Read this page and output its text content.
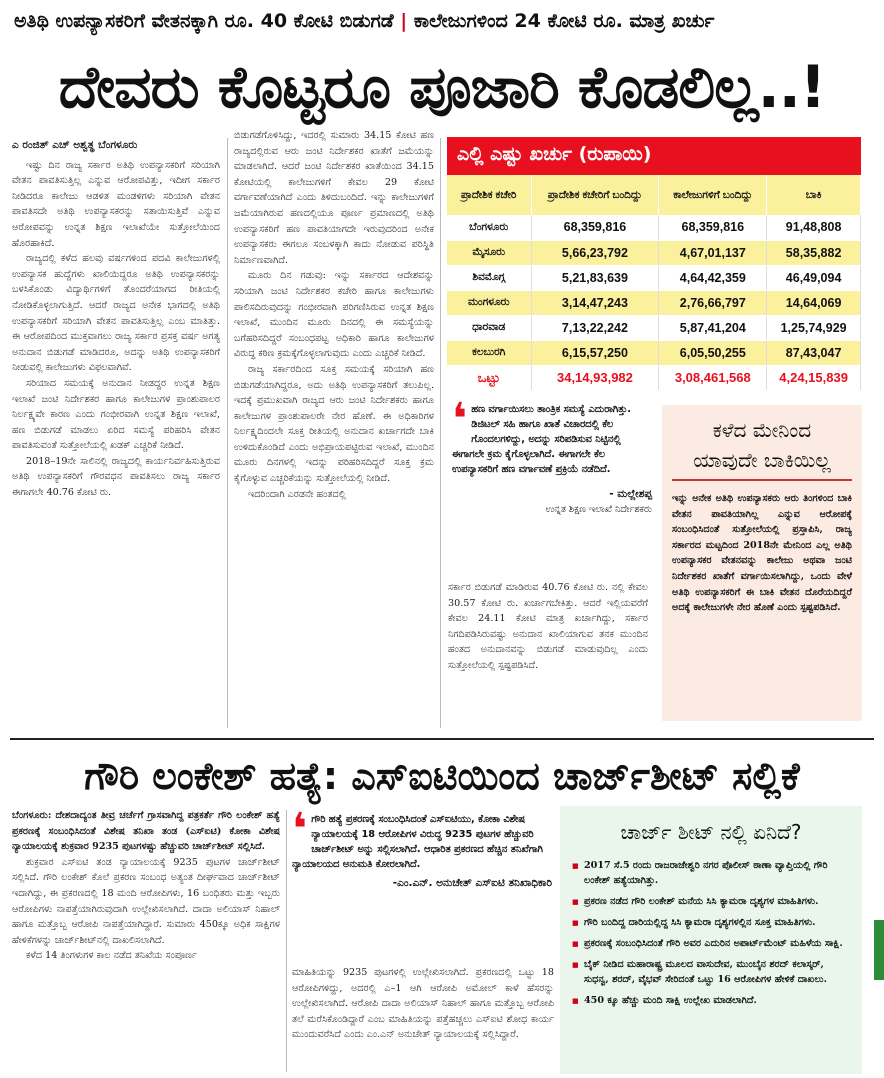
ಅತಿಥಿ ಉಪನ್ಯಾಸಕರಿಗೆ ವೇತನಕ್ಕಾಗಿ ರೂ. 40 ಕೋಟಿ ಬಿಡುಗಡೆ | ಕಾಲೇಜುಗಳಿಂದ 24 ಕೋಟಿ ರೂ. ಮಾತ್ರ ಖರ್ಚು
ದೇವರು ಕೊಟ್ಟರೂ ಪೂಜಾರಿ ಕೊಡಲಿಲ್ಲ..!
ಎ ರಂಜಿತ್ ಎಚ್ ಅಶ್ವತ್ಥ ಬೆಂಗಳೂರು

ಇಷ್ಟು ದಿನ ರಾಜ್ಯ ಸರ್ಕಾರ ಅತಿಥಿ ಉಪನ್ಯಾಸಕರಿಗೆ ಸರಿಯಾಗಿ ವೇತನ ಪಾವತಿಸುತ್ತಿಲ್ಲ ಎನ್ನುವ ಆರೋಪವಿತ್ತು, ಇದೀಗ ಸರ್ಕಾರ ನೀಡಿದರೂ ಕಾಲೇಜು ಆಡಳಿತ ಮಂಡಳಿಗಳು ಸರಿಯಾಗಿ ವೇತನ ಪಾವತಿಸದೇ ಅತಿಥಿ ಉಪನ್ಯಾಸಕರನ್ನು ಸತಾಯಿಸುತ್ತಿವೆ ಎನ್ನುವ ಆರೋಪವನ್ನು ಉನ್ನತ ಶಿಕ್ಷಣ ಇಲಾಖೆಯೇ ಸುತ್ತೋಲೆಯಿಂದ ಹೊರಹಾಕಿದೆ.

ರಾಜ್ಯದಲ್ಲಿ ಕಳೆದ ಹಲವು ವರ್ಷಗಳಿಂದ ಪದವಿ ಕಾಲೇಜುಗಳಲ್ಲಿ ಉಪನ್ಯಾಸಕ ಹುದ್ದೆಗಳು ಖಾಲಿಯಿದ್ದರೂ ಅತಿಥಿ ಉಪನ್ಯಾಸಕರನ್ನು ಬಳಸಿಕೊಂಡು ವಿದ್ಯಾರ್ಥಿಗಳಿಗೆ ತೊಂದರೆಯಾಗದ ರೀತಿಯಲ್ಲಿ ನೋಡಿಕೊಳ್ಳಲಾಗುತ್ತಿದೆ. ಆದರೆ ರಾಜ್ಯದ ಅನೇಕ ಭಾಗದಲ್ಲಿ ಅತಿಥಿ ಉಪನ್ಯಾಸಕರಿಗೆ ಸರಿಯಾಗಿ ವೇತನ ಪಾವತಿಸುತ್ತಿಲ್ಲ ಎಂಬ ಮಾತಿತ್ತು. ಈ ಆರೋಪದಿಂದ ಮುಕ್ತವಾಗಲು ರಾಜ್ಯ ಸರ್ಕಾರ ಪ್ರಸಕ್ತ ವರ್ಷ ಅಗತ್ಯ ಅನುದಾನ ಬಿಡುಗಡೆ ಮಾಡಿದರೂ, ಅದನ್ನು ಅತಿಥಿ ಉಪನ್ಯಾಸಕರಿಗೆ ನೀಡುವಲ್ಲಿ ಕಾಲೇಜುಗಳು ವಿಫಲವಾಗಿವೆ.

ಸರಿಯಾದ ಸಮಯಕ್ಕೆ ಅನುದಾನ ನೀಡದ್ದರ ಉನ್ನತ ಶಿಕ್ಷಣ ಇಲಾಖೆ ಜಂಟಿ ನಿರ್ದೇಶಕರ ಹಾಗೂ ಕಾಲೇಜುಗಳ ಪ್ರಾಂಶುಪಾಲರ ನಿರ್ಲಕ್ಷ್ಯವೇ ಕಾರಣ ಎಂದು ಗಂಭೀರವಾಗಿ ಉನ್ನತ ಶಿಕ್ಷಣ ಇಲಾಖೆ, ಹಣ ಬಿಡುಗಡೆ ಮಾಡಲು ಏರಿದ ಸಮಸ್ಯೆ ಪರಿಹರಿಸಿ ವೇತನ ಪಾವತಿಸುವಂತೆ ಸುತ್ತೋಲೆಯಲ್ಲಿ ಖಡಕ್ ಎಚ್ಚರಿಕೆ ನೀಡಿದೆ.

2018–19ನೇ ಸಾಲಿನಲ್ಲಿ ರಾಜ್ಯದಲ್ಲಿ ಕಾರ್ಯನಿರ್ವಹಿಸುತ್ತಿರುವ ಅತಿಥಿ ಉಪನ್ಯಾಸಕರಿಗೆ ಗೌರವಧನ ಪಾವತಿಸಲು ರಾಜ್ಯ ಸರ್ಕಾರ ಈಗಾಗಲೇ 40.76 ಕೋಟಿ ರು.

ಬಿಡುಗಡೆಗೊಳಿಸಿದ್ದು, ಇದರಲ್ಲಿ ಸುಮಾರು 34.15 ಕೋಟಿ ಹಣ ರಾಜ್ಯದಲ್ಲಿರುವ ಆರು ಜಂಟಿ ನಿರ್ದೇಶಕರ ಖಾತೆಗೆ ಜಮೆಯನ್ನು ಮಾಡಲಾಗಿದೆ. ಆದರೆ ಜಂಟಿ ನಿರ್ದೇಶಕರ ಖಾತೆಯಿಂದ 34.15 ಕೋಟಿಯಲ್ಲಿ ಕಾಲೇಜುಗಳಿಗೆ ಕೇವಲ 29 ಕೋಟಿ ವರ್ಗಾವಣೆಯಾಗಿದೆ ಎಂದು ತಿಳಿದುಬಂದಿದೆ. ಇನ್ನು ಕಾಲೇಜುಗಳಿಗೆ ಜಮೆಯಾಗಿರುವ ಹಣದಲ್ಲಿಯೂ ಪೂರ್ಣ ಪ್ರಮಾಣದಲ್ಲಿ ಅತಿಥಿ ಉಪನ್ಯಾಸಕರಿಗೆ ಹಣ ಪಾವತಿಯಾಗದೇ ಇರುವುದರಿಂದ ಅನೇಕ ಉಪನ್ಯಾಸಕರು ಈಗಲೂ ಸಂಬಳಕ್ಕಾಗಿ ಕಾದು ನೋಡುವ ಪರಿಸ್ಥಿತಿ ನಿರ್ಮಾಣವಾಗಿದೆ.

ಮೂರು ದಿನ ಗಡುವು: ಇನ್ನು ಸರ್ಕಾರದ ಆದೇಶವನ್ನು ಸರಿಯಾಗಿ ಜಂಟಿ ನಿರ್ದೇಶಕರ ಕಚೇರಿ ಹಾಗೂ ಕಾಲೇಜುಗಳು ಪಾಲಿಸದಿರುವುದನ್ನು ಗಂಭೀರವಾಗಿ ಪರಿಗಣಿಸಿರುವ ಉನ್ನತ ಶಿಕ್ಷಣ ಇಲಾಖೆ, ಮುಂದಿನ ಮೂರು ದಿನದಲ್ಲಿ ಈ ಸಮಸ್ಯೆಯನ್ನು ಬಗೆಹರಿಸದಿದ್ದರೆ ಸಂಬಂಧಪಟ್ಟ ಅಧಿಕಾರಿ ಹಾಗೂ ಕಾಲೇಜುಗಳ ವಿರುದ್ಧ ಕಠಿಣ ಕ್ರಮಕ್ಕೆಗೊಳ್ಳಲಾಗುವುದು ಎಂದು ಎಚ್ಚರಿಕೆ ನೀಡಿದೆ.

ರಾಜ್ಯ ಸರ್ಕಾರದಿಂದ ಸೂಕ್ತ ಸಮಯಕ್ಕೆ ಸರಿಯಾಗಿ ಹಣ ಬಿಡುಗಡೆಯಾಗಿದ್ದರೂ, ಅದು ಅತಿಥಿ ಉಪನ್ಯಾಸಕರಿಗೆ ತಲುಪಿಲ್ಲ. ಇದಕ್ಕೆ ಪ್ರಮುಖವಾಗಿ ರಾಜ್ಯದ ಆರು ಜಂಟಿ ನಿರ್ದೇಶಕರು ಹಾಗೂ ಕಾಲೇಜುಗಳ ಪ್ರಾಂಶುಪಾಲರೇ ನೇರ ಹೊಣೆ. ಈ ಅಧಿಕಾರಿಗಳ ನಿರ್ಲಕ್ಷ್ಯದಿಂದಲೇ ಸೂಕ್ತ ರೀತಿಯಲ್ಲಿ ಅನುದಾನ ಖರ್ಚಾಗದೇ ಬಾಕಿ ಉಳಿದುಕೊಂಡಿದೆ ಎಂದು ಅಭಿಪ್ರಾಯಪಟ್ಟಿರುವ ಇಲಾಖೆ, ಮುಂದಿನ ಮೂರು ದಿನಗಳಲ್ಲಿ ಇದನ್ನು ಪರಿಹರಿಸದಿದ್ದರೆ ಸೂಕ್ತ ಕ್ರಮ ಕೈಗೊಳ್ಳುವ ಎಚ್ಚರಿಕೆಯನ್ನು ಸುತ್ತೋಲೆಯಲ್ಲಿ ನೀಡಿದೆ.

ಇದರಿಂದಾಗಿ ಎರಡನೇ ಹಂತದಲ್ಲಿ

ಎಲ್ಲಿ ಎಷ್ಟು ಖರ್ಚು (ರುಪಾಯಿ)
ಪ್ರಾದೇಶಿಕ ಕಚೇರಿ	ಪ್ರಾದೇಶಿಕ ಕಚೇರಿಗೆ ಬಂದಿದ್ದು	ಕಾಲೇಜುಗಳಿಗೆ ಬಂದಿದ್ದು	ಬಾಕಿ
ಬೆಂಗಳೂರು	68,359,816	68,359,816	91,48,808
ಮೈಸೂರು	5,66,23,792	4,67,01,137	58,35,882
ಶಿವಮೊಗ್ಗ	5,21,83,639	4,64,42,359	46,49,094
ಮಂಗಳೂರು	3,14,47,243	2,76,66,797	14,64,069
ಧಾರವಾಡ	7,13,22,242	5,87,41,204	1,25,74,929
ಕಲಬುರಗಿ	6,15,57,250	6,05,50,255	87,43,047
ಒಟ್ಟು	34,14,93,982	3,08,461,568	4,24,15,839
❛ ಹಣ ವರ್ಗಾಯಿಸಲು ತಾಂತ್ರಿಕ ಸಮಸ್ಯೆ ಎದುರಾಗಿತ್ತು. ಡಿಜಿಟಲ್ ಸಹಿ ಹಾಗೂ ಖಾತೆ ವಿಚಾರದಲ್ಲಿ ಕೆಲ ಗೊಂದಲಗಳಿದ್ದು, ಅದನ್ನು ಸರಿಪಡಿಸುವ ನಿಟ್ಟಿನಲ್ಲಿ ಈಗಾಗಲೇ ಕ್ರಮ ಕೈಗೊಳ್ಳಲಾಗಿದೆ. ಈಗಾಗಲೇ ಕೆಲ ಉಪನ್ಯಾಸಕರಿಗೆ ಹಣ ವರ್ಗಾವಣೆ ಪ್ರಕ್ರಿಯೆ ನಡೆದಿದೆ.
- ಮಲ್ಲೇಶಪ್ಪ
ಉನ್ನತ ಶಿಕ್ಷಣ ಇಲಾಖೆ ನಿರ್ದೇಶಕರು

ಸರ್ಕಾರ ಬಿಡುಗಡೆ ಮಾಡಿರುವ 40.76 ಕೋಟಿ ರು. ನಲ್ಲಿ ಕೇವಲ 30.57 ಕೋಟಿ ರು. ಖರ್ಚಾಗಬೇಕಿತ್ತು. ಆದರೆ ಇಲ್ಲಿಯವರೆಗೆ ಕೇವಲ 24.11 ಕೋಟಿ ಮಾತ್ರ ಖರ್ಚಾಗಿದ್ದು, ಸರ್ಕಾರ ನಿಗದಿಪಡಿಸಿರುವಷ್ಟು ಅನುದಾನ ಖಾಲಿಯಾಗುವ ತನಕ ಮುಂದಿನ ಹಂತದ ಅನುದಾನವನ್ನು ಬಿಡುಗಡೆ ಮಾಡುವುದಿಲ್ಲ ಎಂದು ಸುತ್ತೋಲೆಯಲ್ಲಿ ಸ್ಪಷ್ಟಪಡಿಸಿದೆ.

ಕಳೆದ ಮೇನಿಂದ
ಯಾವುದೇ ಬಾಕಿಯಿಲ್ಲ

ಇನ್ನು ಅನೇಕ ಅತಿಥಿ ಉಪನ್ಯಾಸಕರು ಆರು ತಿಂಗಳಿಂದ ಬಾಕಿ ವೇತನ ಪಾವತಿಯಾಗಿಲ್ಲ ಎನ್ನುವ ಆರೋಪಕ್ಕೆ ಸಂಬಂಧಿಸಿದಂತೆ ಸುತ್ತೋಲೆಯಲ್ಲಿ ಪ್ರಸ್ತಾಪಿಸಿ, ರಾಜ್ಯ ಸರ್ಕಾರದ ಮಟ್ಟದಿಂದ 2018ನೇ ಮೇನಿಂದ ಎಲ್ಲ ಅತಿಥಿ ಉಪನ್ಯಾಸಕರ ವೇತನವನ್ನು ಕಾಲೇಜು ಅಥವಾ ಜಂಟಿ ನಿರ್ದೇಶಕರ ಖಾತೆಗೆ ವರ್ಗಾಯಿಸಲಾಗಿದ್ದು, ಒಂದು ವೇಳೆ ಅತಿಥಿ ಉಪನ್ಯಾಸಕರಿಗೆ ಈ ಬಾಕಿ ವೇತನ ದೊರೆಯದಿದ್ದರೆ ಅದಕ್ಕೆ ಕಾಲೇಜುಗಳೇ ನೇರ ಹೊಣೆ ಎಂದು ಸ್ಪಷ್ಟಪಡಿಸಿದೆ.

ಗೌರಿ ಲಂಕೇಶ್ ಹತ್ಯೆ: ಎಸ್‌ಐಟಿಯಿಂದ ಚಾರ್ಜ್‌ಶೀಟ್ ಸಲ್ಲಿಕೆ

ಬೆಂಗಳೂರು: ದೇಶದಾದ್ಯಂತ ತೀವ್ರ ಚರ್ಚೆಗೆ ಗ್ರಾಸವಾಗಿದ್ದ ಪತ್ರಕರ್ತೆ ಗೌರಿ ಲಂಕೇಶ್ ಹತ್ಯೆ ಪ್ರಕರಣಕ್ಕೆ ಸಂಬಂಧಿಸಿದಂತೆ ವಿಶೇಷ ತನಿಖಾ ತಂಡ (ಎಸ್‌ಐಟಿ) ಕೋಕಾ ವಿಶೇಷ ನ್ಯಾಯಾಲಯಕ್ಕೆ ಶುಕ್ರವಾರ 9235 ಪುಟಗಳಷ್ಟು ಹೆಚ್ಚುವರಿ ಚಾರ್ಜ್‌ಶೀಟ್ ಸಲ್ಲಿಸಿದೆ.

ಶುಕ್ರವಾರ ಎಸ್‌ಐಟಿ ತಂಡ ನ್ಯಾಯಾಲಯಕ್ಕೆ 9235 ಪುಟಗಳ ಚಾರ್ಜ್‌ಶೀಟ್ ಸಲ್ಲಿಸಿದೆ. ಗೌರಿ ಲಂಕೇಶ್ ಕೊಲೆ ಪ್ರಕರಣ ಸಂಬಂಧ ಅತ್ಯಂತ ದೀರ್ಘವಾದ ಚಾರ್ಜ್‌ಶೀಟ್ ಇದಾಗಿದ್ದು, ಈ ಪ್ರಕರಣದಲ್ಲಿ 18 ಮಂದಿ ಆರೋಪಿಗಳು, 16 ಬಂಧಿತರು ಮತ್ತು ಇಬ್ಬರು ಆರೋಪಿಗಳು ನಾಪತ್ತೆಯಾಗಿರುವುದಾಗಿ ಉಲ್ಲೇಖಿಸಲಾಗಿದೆ. ದಾದಾ ಅಲಿಯಾಸ್ ನಿಹಾಲ್ ಹಾಗೂ ಮತ್ತೊಬ್ಬ ಆರೋಪಿ ನಾಪತ್ತೆಯಾಗಿದ್ದಾರೆ. ಸುಮಾರು 450ಕ್ಕೂ ಅಧಿಕ ಸಾಕ್ಷಿಗಳ ಹೇಳಿಕೆಗಳನ್ನು ಚಾರ್ಜ್‌ಶೀಟ್‌ನಲ್ಲಿ ದಾಖಲಿಸಲಾಗಿದೆ.

ಕಳೆದ 14 ತಿಂಗಳುಗಳ ಕಾಲ ನಡೆದ ತನಿಖೆಯ ಸಂಪೂರ್ಣ

❛ ಗೌರಿ ಹತ್ಯೆ ಪ್ರಕರಣಕ್ಕೆ ಸಂಬಂಧಿಸಿದಂತೆ ಎಸ್‌ಐಟಿಯು, ಕೋಕಾ ವಿಶೇಷ ನ್ಯಾಯಾಲಯಕ್ಕೆ 18 ಆರೋಪಿಗಳ ವಿರುದ್ಧ 9235 ಪುಟಗಳ ಹೆಚ್ಚುವರಿ ಚಾರ್ಜ್‌ಶೀಟ್ ಅನ್ನು ಸಲ್ಲಿಸಲಾಗಿದೆ. ಆಧಾರಿತ ಪ್ರಕರಣದ ಹೆಚ್ಚಿನ ತನಿಖೆಗಾಗಿ ನ್ಯಾಯಾಲಯದ ಅನುಮತಿ ಕೋರಲಾಗಿದೆ.
-ಎಂ.ಎನ್. ಅನುಚೇತ್ ಎಸ್‌ಐಟಿ ತನಿಖಾಧಿಕಾರಿ

ಮಾಹಿತಿಯನ್ನು 9235 ಪುಟಗಳಲ್ಲಿ ಉಲ್ಲೇಖಿಸಲಾಗಿದೆ. ಪ್ರಕರಣದಲ್ಲಿ ಒಟ್ಟು 18 ಆರೋಪಿಗಳಿದ್ದು, ಅದರಲ್ಲಿ ಎ–1 ಆಗಿ ಆರೋಪಿ ಅಮೋಲ್ ಕಾಳೆ ಹೆಸರನ್ನು ಉಲ್ಲೇಖಿಸಲಾಗಿದೆ. ಆರೋಪಿ ದಾದಾ ಅಲಿಯಾಸ್ ನಿಹಾಲ್ ಹಾಗೂ ಮತ್ತೊಬ್ಬ ಆರೋಪಿ ತಲೆ ಮರೆಸಿಕೊಂಡಿದ್ದಾರೆ ಎಂಬ ಮಾಹಿತಿಯನ್ನು ಪತ್ತೆಹಚ್ಚಲು ಎಸ್‌ಐಟಿ ಶೋಧ ಕಾರ್ಯ ಮುಂದುವರೆಸಿದೆ ಎಂದು ಎಂ.ಎನ್ ಅನುಚೇತ್ ನ್ಯಾಯಾಲಯಕ್ಕೆ ಸಲ್ಲಿಸಿದ್ದಾರೆ.

ಚಾರ್ಜ್ ಶೀಟ್ ನಲ್ಲಿ ಏನಿದೆ?
■ 2017 ಸೆ.5 ರಂದು ರಾಜರಾಜೇಶ್ವರಿ ನಗರ ಪೊಲೀಸ್ ಠಾಣಾ ವ್ಯಾಪ್ತಿಯಲ್ಲಿ ಗೌರಿ ಲಂಕೇಶ್ ಹತ್ಯೆಯಾಗಿತ್ತು.
■ ಪ್ರಕರಣ ನಡೆದ ಗೌರಿ ಲಂಕೇಶ್ ಮನೆಯ ಸಿಸಿ ಕ್ಯಾಮರಾ ದೃಶ್ಯಗಳ ಮಾಹಿತಿಗಳು.
■ ಗೌರಿ ಬಂದಿದ್ದ ದಾರಿಯಲ್ಲಿದ್ದ ಸಿಸಿ ಕ್ಯಾಮರಾ ದೃಶ್ಯಗಳಲ್ಲಿನ ಸೂಕ್ತ ಮಾಹಿತಿಗಳು.
■ ಪ್ರಕರಣಕ್ಕೆ ಸಂಬಂಧಿಸಿದಂತೆ ಗೌರಿ ಅವರ ಎದುರಿನ ಅಪಾರ್ಟ್‌ಮೆಂಟ್ ಮಹಿಳೆಯ ಸಾಕ್ಷಿ.
■ ಬೈಕ್ ನೀಡಿದ ಮಹಾರಾಷ್ಟ್ರ ಮೂಲದ ವಾಸುದೇವ, ಮುಂಬೈನ ಶರದ್ ಕಲಾಸ್ಕರ್, ಸುಧನ್ವ, ಶರದ್, ವೈಭವ್ ಸೇರಿದಂತೆ ಒಟ್ಟು 16 ಆರೋಪಿಗಳ ಹೇಳಿಕೆ ದಾಖಲು.
■ 450 ಕ್ಕೂ ಹೆಚ್ಚು ಮಂದಿ ಸಾಕ್ಷಿ ಉಲ್ಲೇಖ ಮಾಡಲಾಗಿದೆ.
